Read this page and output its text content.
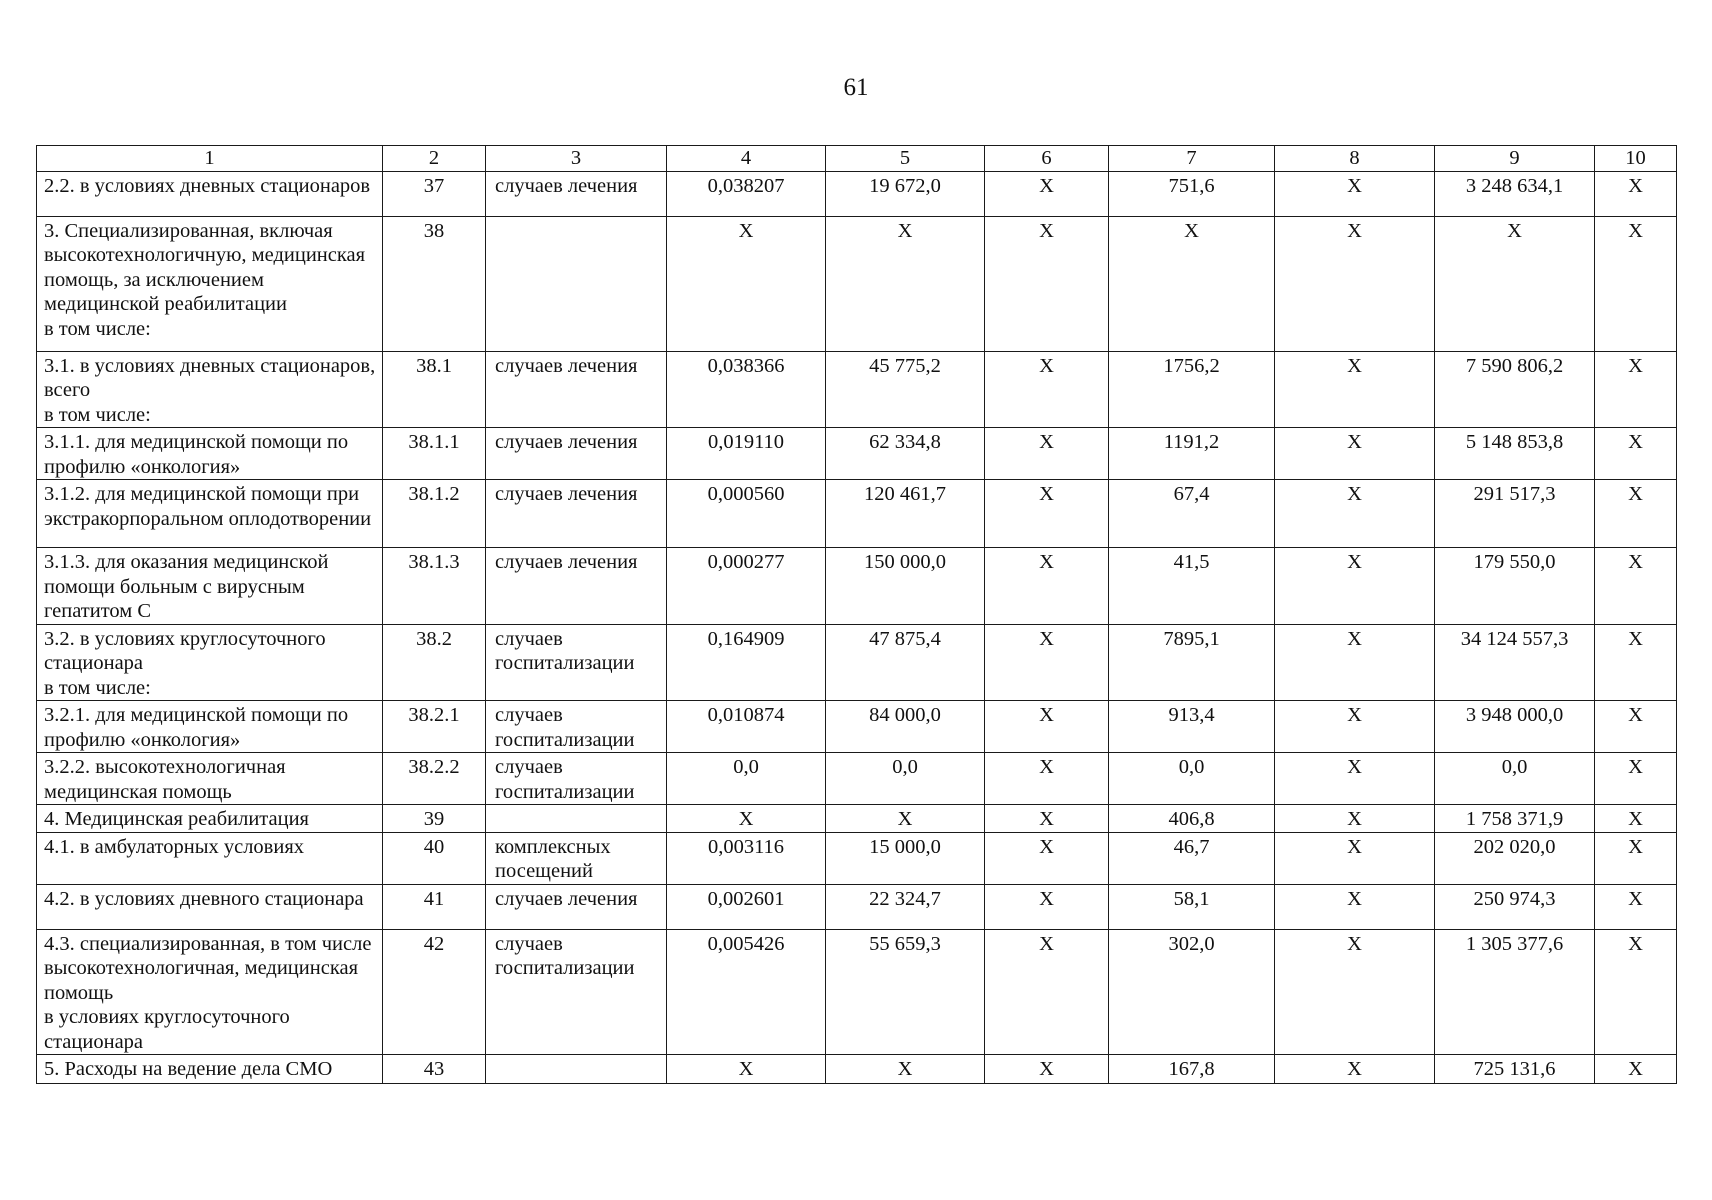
61
1	2	3	4	5	6	7	8	9	10
2.2. в условиях дневных стационаров	37	случаев лечения	0,038207	19 672,0	X	751,6	X	3 248 634,1	X
3. Специализированная, включая высокотехнологичную, медицинская помощь, за исключением медицинской реабилитации
в том числе:	38		X	X	X	X	X	X	X
3.1. в условиях дневных стационаров, всего
в том числе:	38.1	случаев лечения	0,038366	45 775,2	X	1756,2	X	7 590 806,2	X
3.1.1. для медицинской помощи по профилю «онкология»	38.1.1	случаев лечения	0,019110	62 334,8	X	1191,2	X	5 148 853,8	X
3.1.2. для медицинской помощи при экстракорпоральном оплодотворении	38.1.2	случаев лечения	0,000560	120 461,7	X	67,4	X	291 517,3	X
3.1.3. для оказания медицинской помощи больным с вирусным гепатитом С	38.1.3	случаев лечения	0,000277	150 000,0	X	41,5	X	179 550,0	X
3.2. в условиях круглосуточного стационара
в том числе:	38.2	случаев госпитализации	0,164909	47 875,4	X	7895,1	X	34 124 557,3	X
3.2.1. для медицинской помощи по профилю «онкология»	38.2.1	случаев госпитализации	0,010874	84 000,0	X	913,4	X	3 948 000,0	X
3.2.2. высокотехнологичная медицинская помощь	38.2.2	случаев госпитализации	0,0	0,0	X	0,0	X	0,0	X
4. Медицинская реабилитация	39		X	X	X	406,8	X	1 758 371,9	X
4.1. в амбулаторных условиях	40	комплексных посещений	0,003116	15 000,0	X	46,7	X	202 020,0	X
4.2. в условиях дневного стационара	41	случаев лечения	0,002601	22 324,7	X	58,1	X	250 974,3	X
4.3. специализированная, в том числе высокотехнологичная, медицинская помощь
в условиях круглосуточного стационара	42	случаев госпитализации	0,005426	55 659,3	X	302,0	X	1 305 377,6	X
5. Расходы на ведение дела СМО	43		X	X	X	167,8	X	725 131,6	X
